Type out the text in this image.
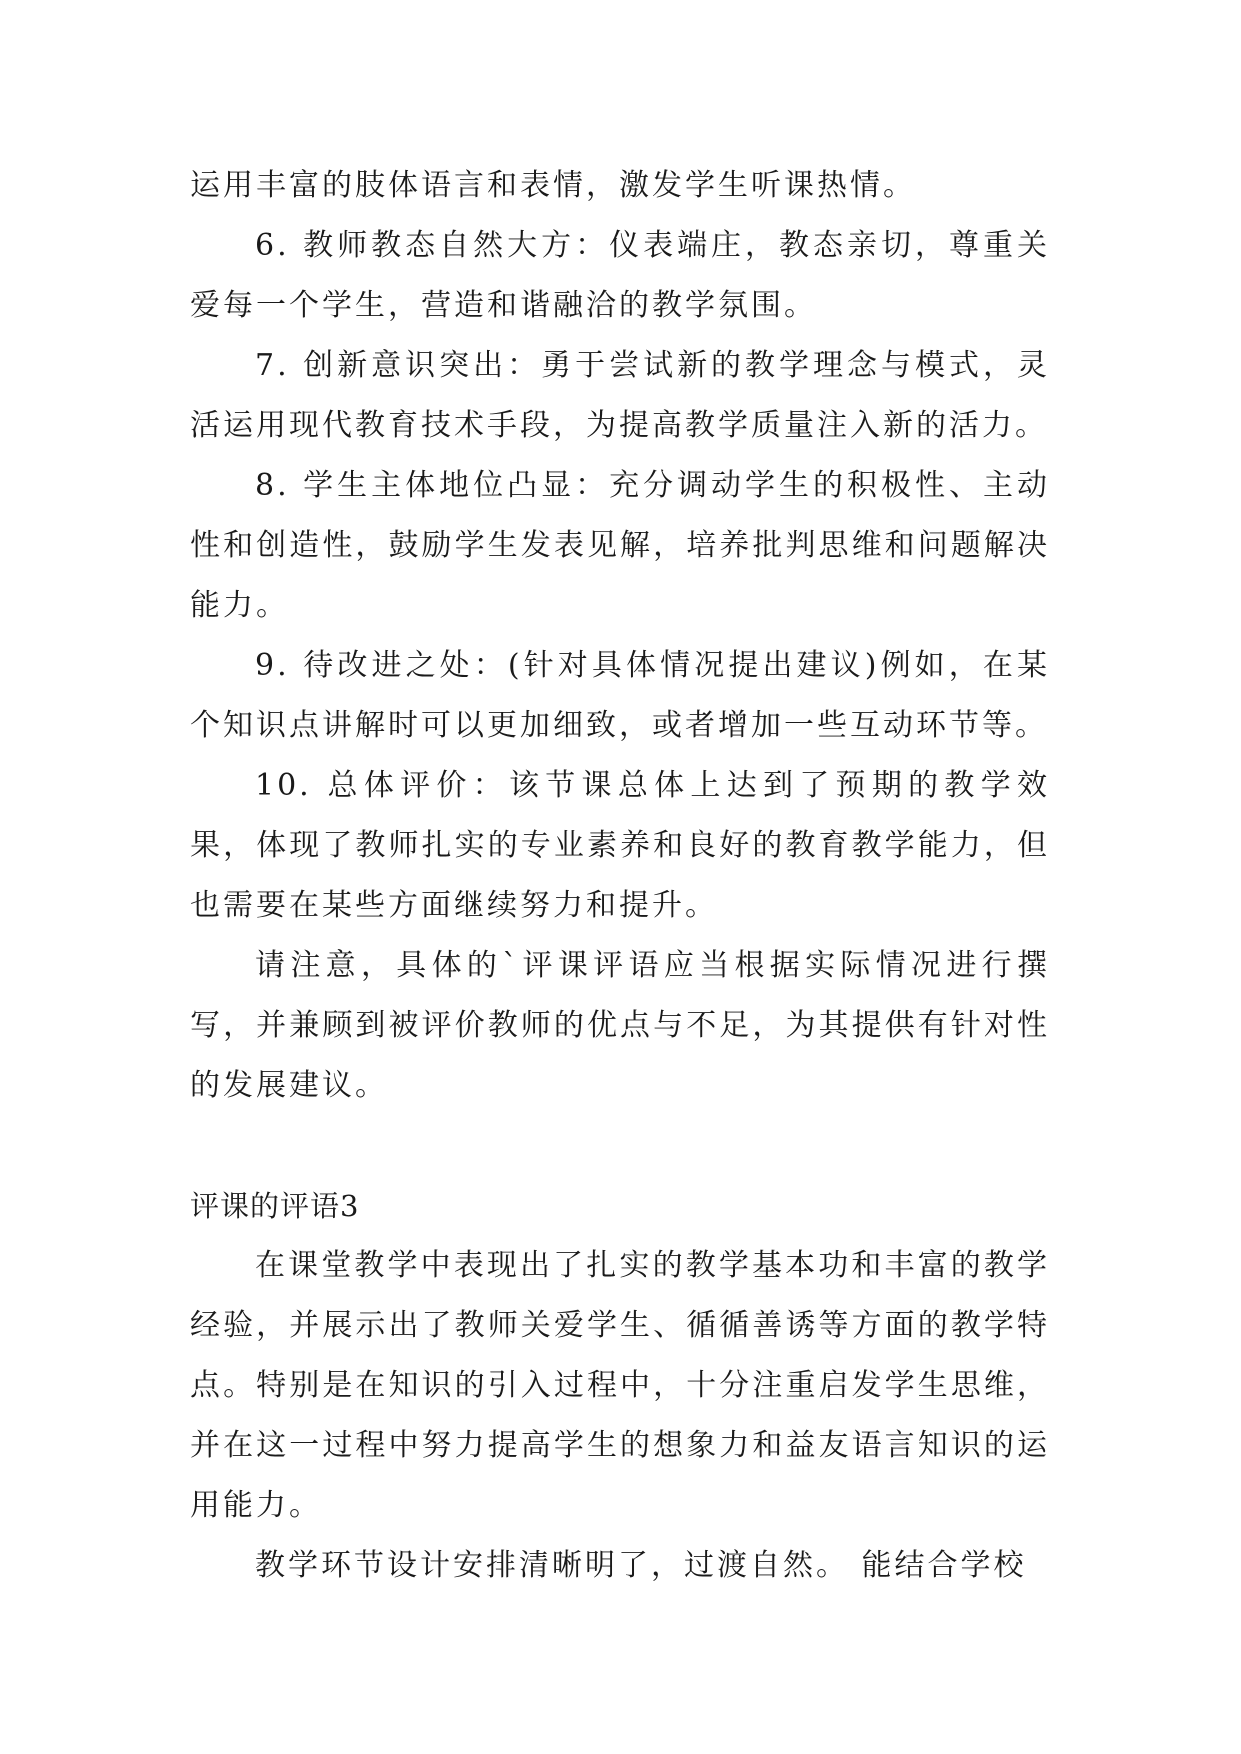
运用丰富的肢体语言和表情，激发学生听课热情。

6. 教师教态自然大方：仪表端庄，教态亲切，尊重关爱每一个学生，营造和谐融洽的教学氛围。

7. 创新意识突出：勇于尝试新的教学理念与模式，灵活运用现代教育技术手段，为提高教学质量注入新的活力。

8. 学生主体地位凸显：充分调动学生的积极性、主动性和创造性，鼓励学生发表见解，培养批判思维和问题解决能力。

9. 待改进之处：(针对具体情况提出建议)例如，在某个知识点讲解时可以更加细致，或者增加一些互动环节等。

10. 总体评价：该节课总体上达到了预期的教学效果，体现了教师扎实的专业素养和良好的教育教学能力，但也需要在某些方面继续努力和提升。

请注意，具体的`评课评语应当根据实际情况进行撰写，并兼顾到被评价教师的优点与不足，为其提供有针对性的发展建议。

评课的评语3

在课堂教学中表现出了扎实的教学基本功和丰富的教学经验，并展示出了教师关爱学生、循循善诱等方面的教学特点。特别是在知识的引入过程中，十分注重启发学生思维，并在这一过程中努力提高学生的想象力和益友语言知识的运用能力。

教学环节设计安排清晰明了，过渡自然。 能结合学校
